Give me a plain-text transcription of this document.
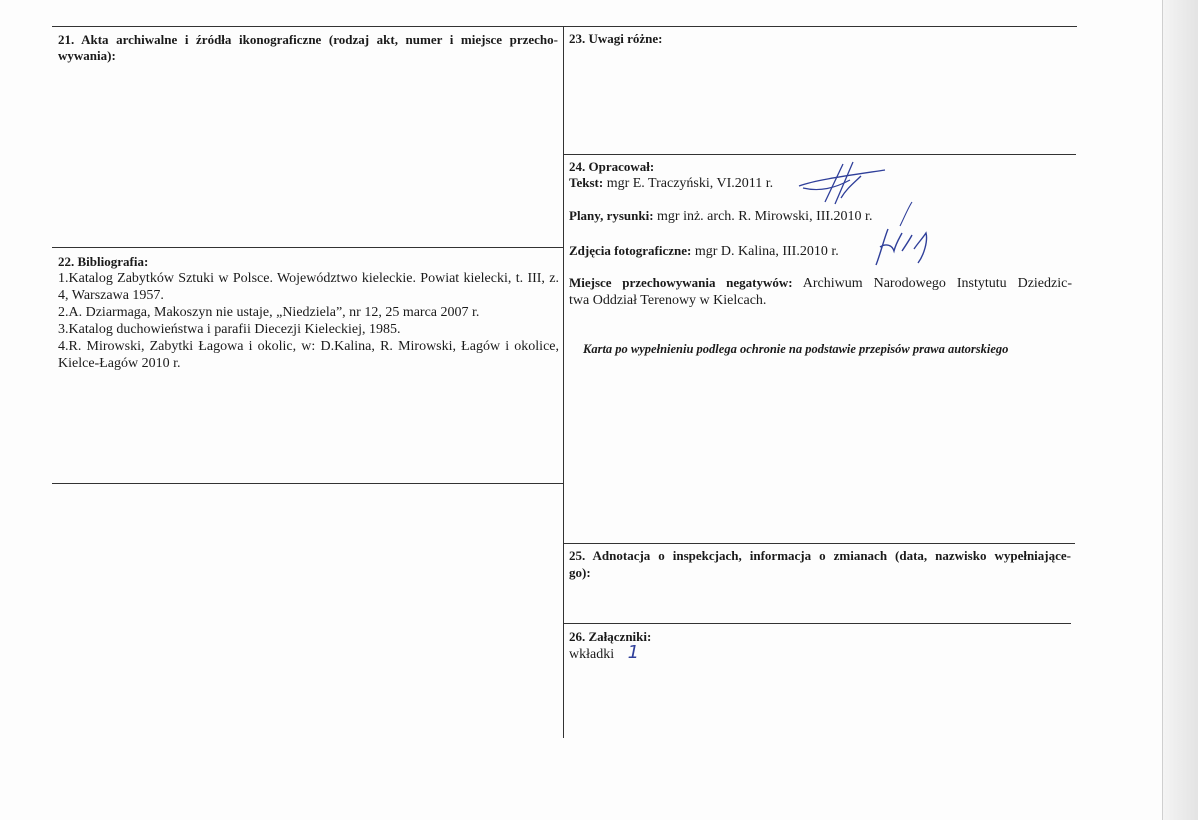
21. Akta archiwalne i źródła ikonograficzne (rodzaj akt, numer i miejsce przecho-
wywania):
23. Uwagi różne:
22. Bibliografia:

1.Katalog Zabytków Sztuki w Polsce. Województwo kieleckie. Powiat kielecki, t. III, z. 4, Warszawa 1957.

2.A. Dziarmaga, Makoszyn nie ustaje, „Niedziela”, nr 12, 25 marca 2007 r.

3.Katalog duchowieństwa i parafii Diecezji Kieleckiej, 1985.

4.R. Mirowski, Zabytki Łagowa i okolic, w: D.Kalina, R. Mirowski, Łagów i okolice, Kielce-Łagów 2010 r.

24. Opracował:
Tekst: mgr E. Traczyński, VI.2011 r.
Plany, rysunki: mgr inż. arch. R. Mirowski, III.2010 r.
Zdjęcia fotograficzne: mgr D. Kalina, III.2010 r.
Miejsce przechowywania negatywów: Archiwum Narodowego Instytutu Dziedzic-
twa Oddział Terenowy w Kielcach.
Karta po wypełnieniu podlega ochronie na podstawie przepisów prawa autorskiego
25. Adnotacja o inspekcjach, informacja o zmianach (data, nazwisko wypełniające-
go):
26. Załączniki:
wkładki 1
